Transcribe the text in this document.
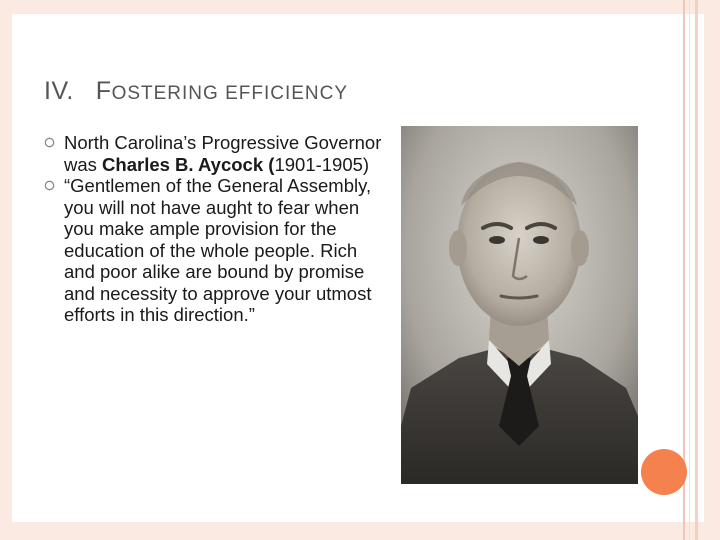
IV. FOSTERING EFFICIENCY
North Carolina’s Progressive Governor was Charles B. Aycock (1901-1905)
“Gentlemen of the General Assembly, you will not have aught to fear when you make ample provision for the education of the whole people. Rich and poor alike are bound by promise and necessity to approve your utmost efforts in this direction.”
